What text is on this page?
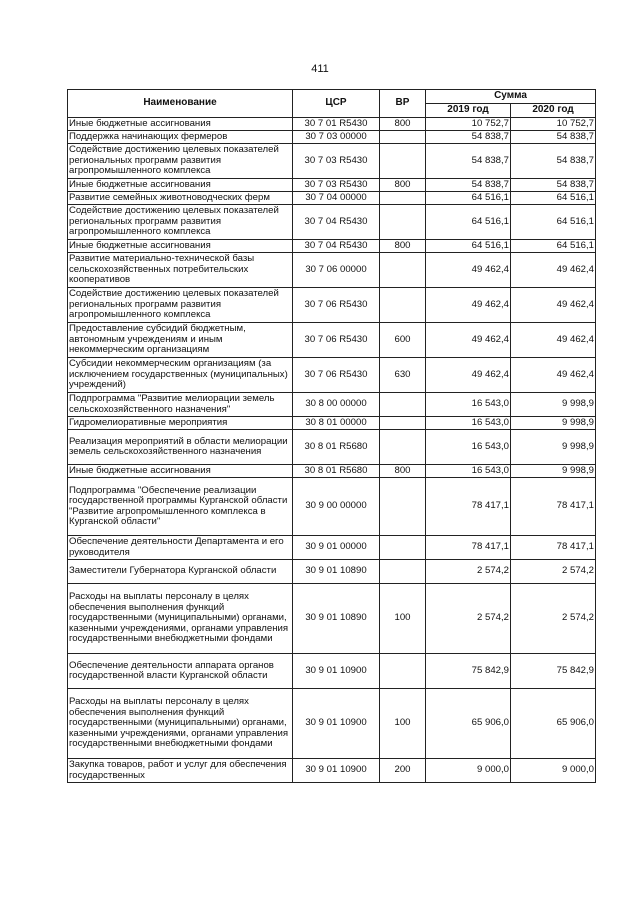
411
Наименование	ЦСР	ВР	Сумма	
			2019 год	2020 год
Иные бюджетные ассигнования	30 7 01 R5430	800	10 752,7	10 752,7
Поддержка начинающих фермеров	30 7 03 00000		54 838,7	54 838,7
Содействие достижению целевых показателей региональных программ развития агропромышленного комплекса	30 7 03 R5430		54 838,7	54 838,7
Иные бюджетные ассигнования	30 7 03 R5430	800	54 838,7	54 838,7
Развитие семейных животноводческих ферм	30 7 04 00000		64 516,1	64 516,1
Содействие достижению целевых показателей региональных программ развития агропромышленного комплекса	30 7 04 R5430		64 516,1	64 516,1
Иные бюджетные ассигнования	30 7 04 R5430	800	64 516,1	64 516,1
Развитие материально-технической базы сельскохозяйственных потребительских кооперативов	30 7 06 00000		49 462,4	49 462,4
Содействие достижению целевых показателей региональных программ развития агропромышленного комплекса	30 7 06 R5430		49 462,4	49 462,4
Предоставление субсидий бюджетным, автономным учреждениям и иным некоммерческим организациям	30 7 06 R5430	600	49 462,4	49 462,4
Субсидии некоммерческим организациям (за исключением государственных (муниципальных) учреждений)	30 7 06 R5430	630	49 462,4	49 462,4
Подпрограмма "Развитие мелиорации земель сельскохозяйственного назначения"	30 8 00 00000		16 543,0	9 998,9
Гидромелиоративные мероприятия	30 8 01 00000		16 543,0	9 998,9
Реализация мероприятий в области мелиорации земель сельскохозяйственного назначения	30 8 01 R5680		16 543,0	9 998,9
Иные бюджетные ассигнования	30 8 01 R5680	800	16 543,0	9 998,9
Подпрограмма "Обеспечение реализации государственной программы Курганской области "Развитие агропромышленного комплекса в Курганской области"	30 9 00 00000		78 417,1	78 417,1
Обеспечение деятельности Департамента и его руководителя	30 9 01 00000		78 417,1	78 417,1
Заместители Губернатора Курганской области	30 9 01 10890		2 574,2	2 574,2
Расходы на выплаты персоналу в целях обеспечения выполнения функций государственными (муниципальными) органами, казенными учреждениями, органами управления государственными внебюджетными фондами	30 9 01 10890	100	2 574,2	2 574,2
Обеспечение деятельности аппарата органов государственной власти Курганской области	30 9 01 10900		75 842,9	75 842,9
Расходы на выплаты персоналу в целях обеспечения выполнения функций государственными (муниципальными) органами, казенными учреждениями, органами управления государственными внебюджетными фондами	30 9 01 10900	100	65 906,0	65 906,0
Закупка товаров, работ и услуг для обеспечения государственных	30 9 01 10900	200	9 000,0	9 000,0
